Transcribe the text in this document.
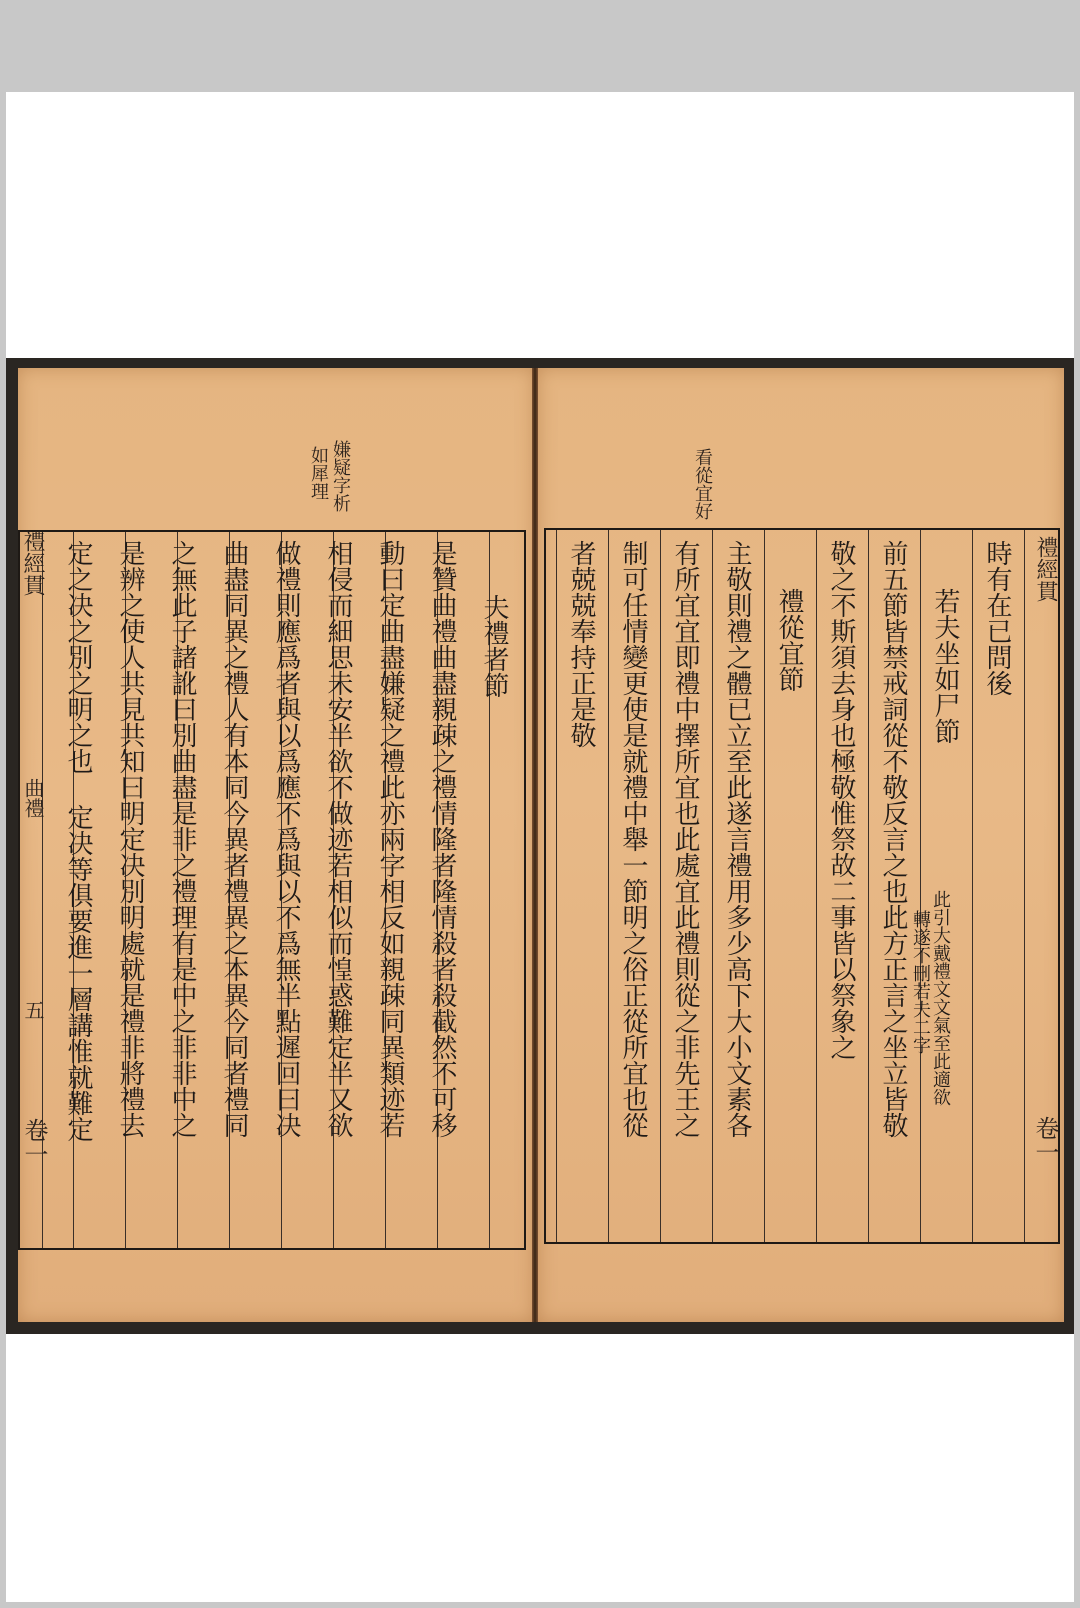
嫌疑字析
如犀理
夫禮者節
是贊曲禮曲盡親疎之禮情隆者隆情殺者殺截然不可移
動曰定曲盡嫌疑之禮此亦兩字相反如親疎同異類迹若
相侵而細思未安半欲不做迹若相似而惶惑難定半又欲
做禮則應爲者與以爲應不爲與以不爲無半點遲回曰决
曲盡同異之禮人有本同今異者禮異之本異今同者禮同
之無此子諸訛曰別曲盡是非之禮理有是中之非非中之
是辨之使人共見共知曰明定决別明處就是禮非將禮去
定之决之別之明之也 定决等俱要進一層講惟就難定
禮經貫
曲禮
五
卷一
看從宜好
時有在已問後
若夫坐如尸節
前五節皆禁戒詞從不敬反言之也此方正言之坐立皆敬
敬之不斯須去身也極敬惟祭故二事皆以祭象之
禮從宜節
主敬則禮之體已立至此遂言禮用多少高下大小文素各
有所宜宜即禮中擇所宜也此處宜此禮則從之非先王之
制可任情變更使是就禮中舉一節明之俗正從所宜也從
者兢兢奉持正是敬
此引大戴禮文文氣至此適欲
轉遂不刪若夫二字
禮經貫
卷一
